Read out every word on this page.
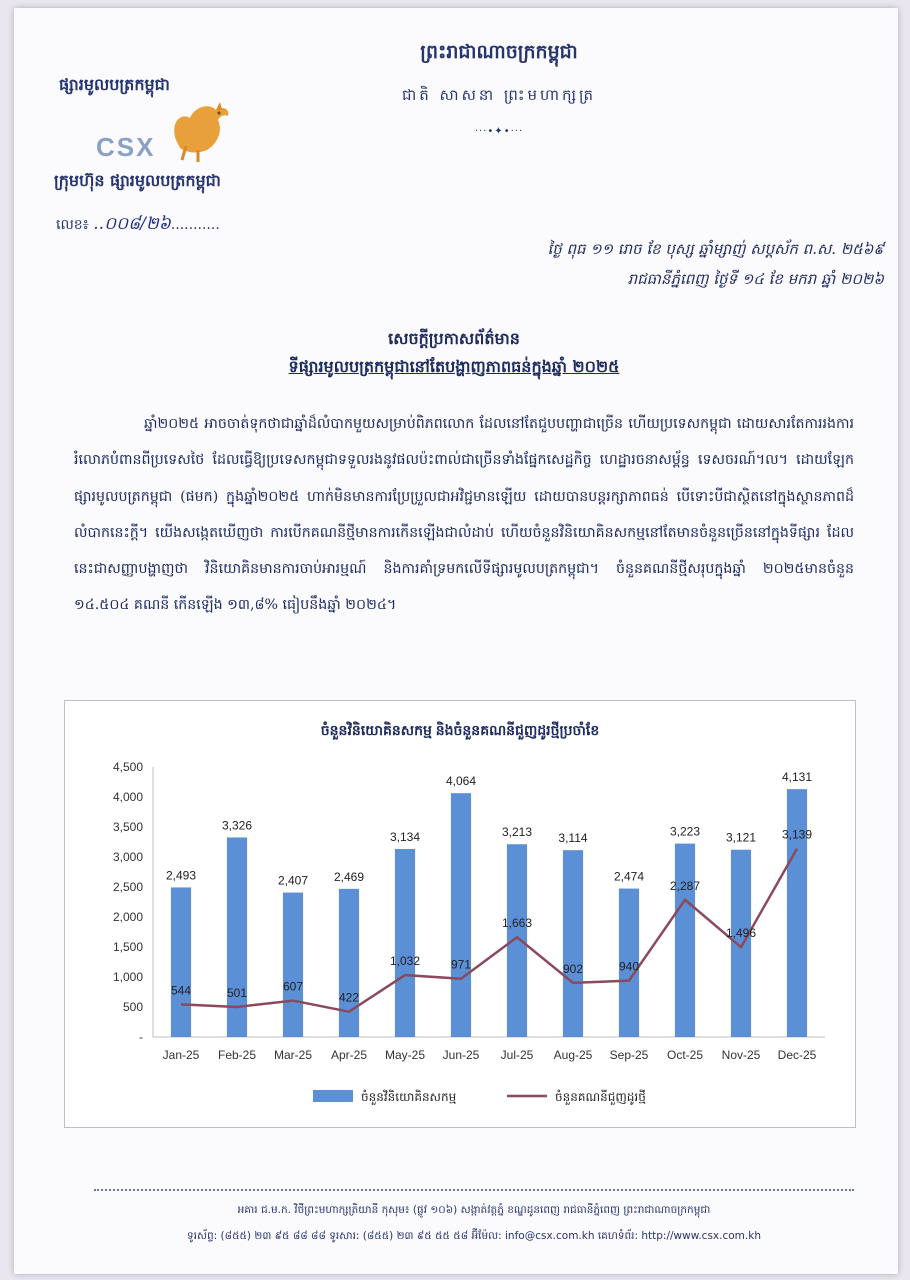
ព្រះរាជាណាចក្រកម្ពុជា
ជាតិ សាសនា ព្រះមហាក្សត្រ
···•✦•···
ផ្សារមូលបត្រកម្ពុជា
CSX
ក្រុមហ៊ុន ផ្សារមូលបត្រកម្ពុជា
លេខ៖ ..០០៨/២៦...........
ថ្ងៃ ពុធ ១១ រោច ខែ បុស្ស ឆ្នាំម្សាញ់ សប្តស័ក ព.ស. ២៥៦៩
រាជធានីភ្នំពេញ ថ្ងៃទី ១៤ ខែ មករា ឆ្នាំ ២០២៦
សេចក្តីប្រកាសព័ត៌មាន
ទីផ្សារមូលបត្រកម្ពុជានៅតែបង្ហាញភាពធន់ក្នុងឆ្នាំ ២០២៥
ឆ្នាំ២០២៥ អាចចាត់ទុកថាជាឆ្នាំដ៏លំបាកមួយសម្រាប់ពិភពលោក ដែលនៅតែជួបបញ្ហាជាច្រើន ហើយប្រទេសកម្ពុជា ដោយសារតែការរងការរំលោភបំពានពីប្រទេសថៃ ដែលធ្វើឱ្យប្រទេសកម្ពុជាទទួលរងនូវផលប៉ះពាល់ជាច្រើនទាំងផ្នែកសេដ្ឋកិច្ច ហេដ្ឋារចនាសម្ព័ន្ធ ទេសចរណ៍។ល។ ដោយឡែក ផ្សារមូលបត្រកម្ពុជា (ផមក) ក្នុងឆ្នាំ២០២៥ ហាក់មិនមានការប្រែប្រួលជាអវិជ្ជមានឡើយ ដោយបានបន្តរក្សាភាពធន់ បើទោះបីជាស្ថិតនៅក្នុងស្ថានភាពដ៏លំបាកនេះក្តី។ យើងសង្កេតឃើញថា ការបើកគណនីថ្មីមានការកើនឡើងជាលំដាប់ ហើយចំនួនវិនិយោគិនសកម្មនៅតែមានចំនួនច្រើននៅក្នុងទីផ្សារ ដែលនេះជាសញ្ញាបង្ហាញថា វិនិយោគិនមានការចាប់អារម្មណ៍ និងការគាំទ្រមកលើទីផ្សារមូលបត្រកម្ពុជា។ ចំនួនគណនីថ្មីសរុបក្នុងឆ្នាំ ២០២៥មានចំនួន ១៤.៥០៤ គណនី កើនឡើង ១៣,៨% ធៀបនឹងឆ្នាំ ២០២៤។
ចំនួនវិនិយោគិនសកម្ម និងចំនួនគណនីជួញដូរថ្មីប្រចាំខែ
-
500
1,000
1,500
2,000
2,500
3,000
3,500
4,000
4,500
Jan-25 Feb-25 Mar-25 Apr-25 May-25 Jun-25 Jul-25 Aug-25 Sep-25 Oct-25 Nov-25 Dec-25
2,493
3,326
2,407 2,469
3,134
4,064
3,213 3,114
2,474
3,223 3,121
4,131
544	501	607
422
1,032	971
1,663
902	940
2,287
1,496
3,139
ចំនួនវិនិយោគិនសកម្ម	ចំនួនគណនីជួញដូរថ្មី
អគារ ជ.ម.ក. វិថីព្រះមហាក្សត្រិយានី កុសុម៖ (ផ្លូវ ១០៦) សង្កាត់វត្តភ្នំ ខណ្ឌដូនពេញ រាជធានីភ្នំពេញ ព្រះរាជាណាចក្រកម្ពុជា
ទូរស័ព្ទ: (៨៥៥) ២៣ ៩៥ ៨៨ ៨៨ ទូរសារ: (៨៥៥) ២៣ ៩៥ ៥៥ ៥៨ អ៊ីម៉ែល: info@csx.com.kh គេហទំព័រ: http://www.csx.com.kh
